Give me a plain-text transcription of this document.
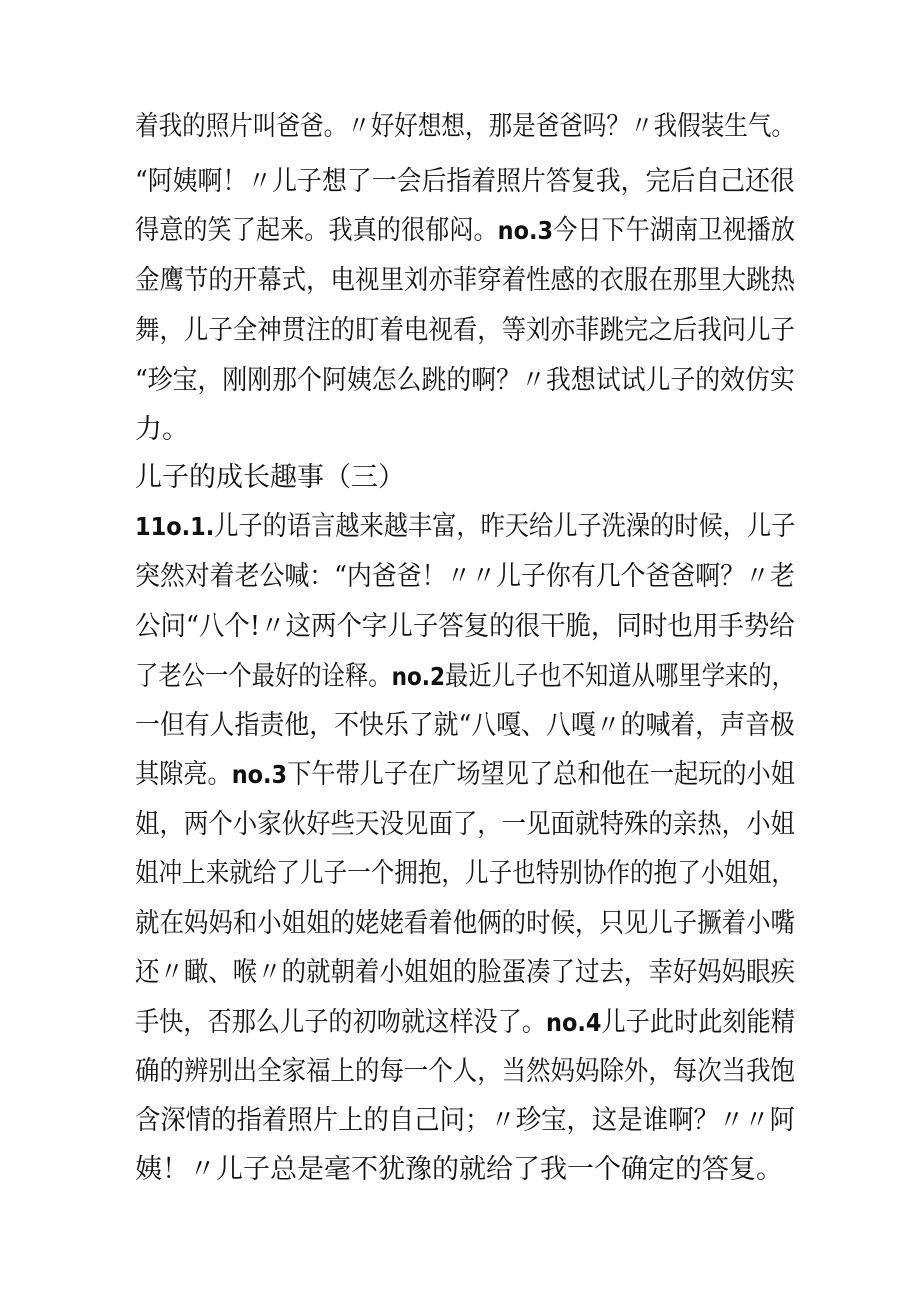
着我的照片叫爸爸。〃好好想想，那是爸爸吗？〃我假装生气。
“阿姨啊！〃儿子想了一会后指着照片答复我，完后自己还很
得意的笑了起来。我真的很郁闷。no.3今日下午湖南卫视播放
金鹰节的开幕式，电视里刘亦菲穿着性感的衣服在那里大跳热
舞，儿子全神贯注的盯着电视看，等刘亦菲跳完之后我问儿子
“珍宝，刚刚那个阿姨怎么跳的啊？〃我想试试儿子的效仿实
力。
儿子的成长趣事（三）
11o.1.儿子的语言越来越丰富，昨天给儿子洗澡的时候，儿子
突然对着老公喊：“内爸爸！〃〃儿子你有几个爸爸啊？〃老
公问“八个!〃这两个字儿子答复的很干脆，同时也用手势给
了老公一个最好的诠释。no.2最近儿子也不知道从哪里学来的，
一但有人指责他，不快乐了就“八嘎、八嘎〃的喊着，声音极
其隙亮。no.3下午带儿子在广场望见了总和他在一起玩的小姐
姐，两个小家伙好些天没见面了，一见面就特殊的亲热，小姐
姐冲上来就给了儿子一个拥抱，儿子也特别协作的抱了小姐姐，
就在妈妈和小姐姐的姥姥看着他俩的时候，只见儿子撅着小嘴
还〃瞰、喉〃的就朝着小姐姐的脸蛋凑了过去，幸好妈妈眼疾
手快，否那么儿子的初吻就这样没了。no.4儿子此时此刻能精
确的辨别出全家福上的每一个人，当然妈妈除外，每次当我饱
含深情的指着照片上的自己问；〃珍宝，这是谁啊？〃〃阿
姨！〃儿子总是毫不犹豫的就给了我一个确定的答复。
